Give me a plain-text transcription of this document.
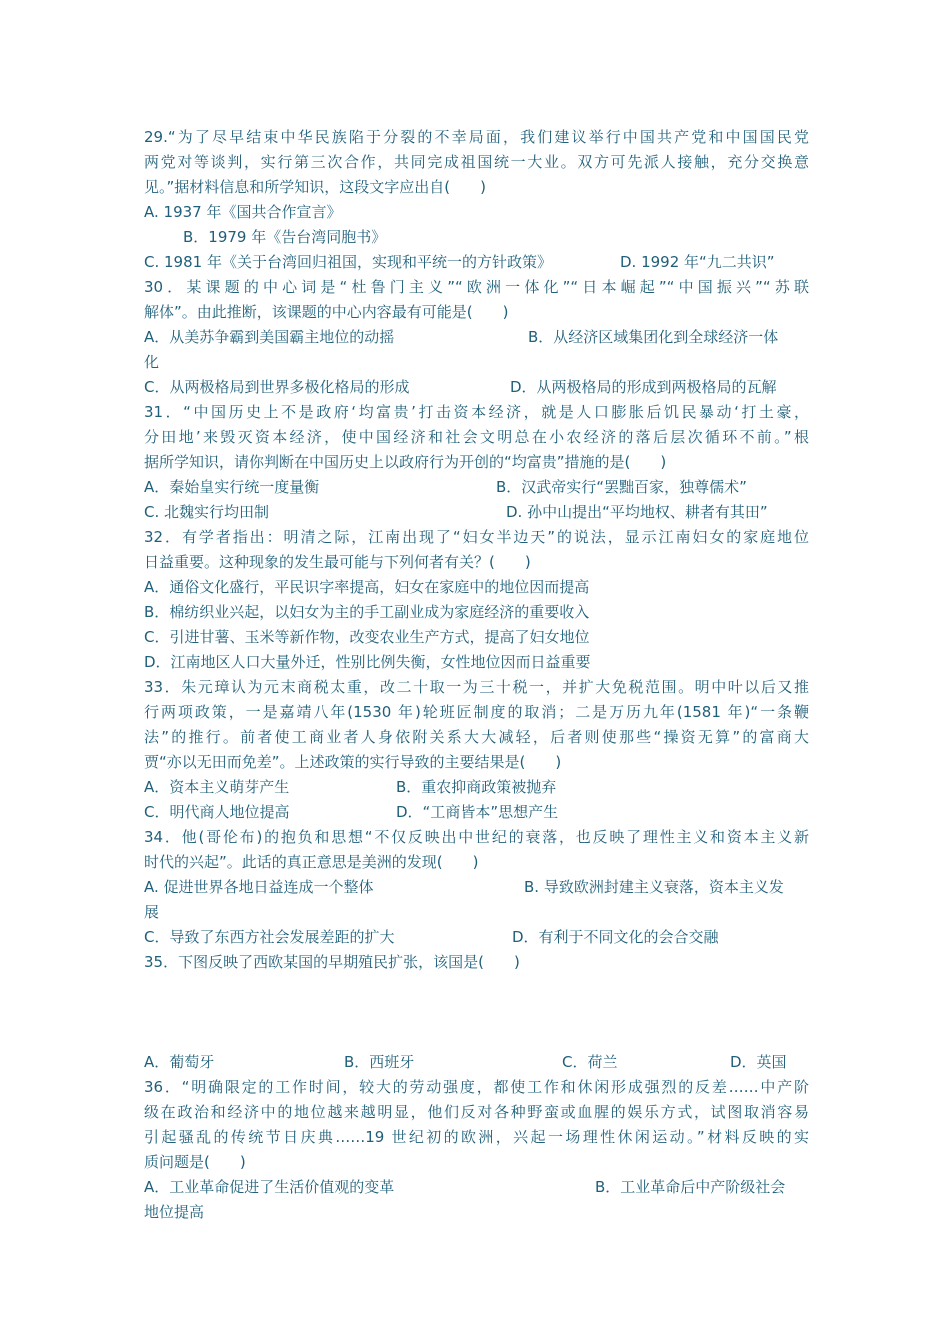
29.“为了尽早结束中华民族陷于分裂的不幸局面，我们建议举行中国共产党和中国国民党
两党对等谈判，实行第三次合作，共同完成祖国统一大业。双方可先派人接触，充分交换意
见。”据材料信息和所学知识，这段文字应出自(　　)
A. 1937 年《国共合作宣言》
B．1979 年《告台湾同胞书》
C. 1981 年《关于台湾回归祖国，实现和平统一的方针政策》	D. 1992 年“九二共识”
30．某课题的中心词是“杜鲁门主义”“欧洲一体化”“日本崛起”“中国振兴”“苏联
解体”。由此推断，该课题的中心内容最有可能是(　　)
A．从美苏争霸到美国霸主地位的动摇	B．从经济区域集团化到全球经济一体
化
C．从两极格局到世界多极化格局的形成	D．从两极格局的形成到两极格局的瓦解
31．“中国历史上不是政府‘均富贵’打击资本经济，就是人口膨胀后饥民暴动‘打土豪，
分田地’来毁灭资本经济，使中国经济和社会文明总在小农经济的落后层次循环不前。”根
据所学知识，请你判断在中国历史上以政府行为开创的“均富贵”措施的是(　　)
A．秦始皇实行统一度量衡	B．汉武帝实行“罢黜百家，独尊儒术”
C. 北魏实行均田制	D. 孙中山提出“平均地权、耕者有其田”
32．有学者指出：明清之际，江南出现了“妇女半边天”的说法，显示江南妇女的家庭地位
日益重要。这种现象的发生最可能与下列何者有关？(　　)
A．通俗文化盛行，平民识字率提高，妇女在家庭中的地位因而提高
B．棉纺织业兴起，以妇女为主的手工副业成为家庭经济的重要收入
C．引进甘薯、玉米等新作物，改变农业生产方式，提高了妇女地位
D．江南地区人口大量外迁，性别比例失衡，女性地位因而日益重要
33．朱元璋认为元末商税太重，改二十取一为三十税一，并扩大免税范围。明中叶以后又推
行两项政策，一是嘉靖八年(1530 年)轮班匠制度的取消；二是万历九年(1581 年)“一条鞭
法”的推行。前者使工商业者人身依附关系大大减轻，后者则使那些“操资无算”的富商大
贾“亦以无田而免差”。上述政策的实行导致的主要结果是(　　)
A．资本主义萌芽产生	B．重农抑商政策被抛弃
C．明代商人地位提高	D．“工商皆本”思想产生
34．他(哥伦布)的抱负和思想“不仅反映出中世纪的衰落，也反映了理性主义和资本主义新
时代的兴起”。此话的真正意思是美洲的发现(　　)
A. 促进世界各地日益连成一个整体	B. 导致欧洲封建主义衰落，资本主义发
展
C．导致了东西方社会发展差距的扩大	D．有利于不同文化的会合交融
35．下图反映了西欧某国的早期殖民扩张，该国是(　　)
A．葡萄牙	B．西班牙	C．荷兰	D．英国
36．“明确限定的工作时间，较大的劳动强度，都使工作和休闲形成强烈的反差……中产阶
级在政治和经济中的地位越来越明显，他们反对各种野蛮或血腥的娱乐方式，试图取消容易
引起骚乱的传统节日庆典……19 世纪初的欧洲，兴起一场理性休闲运动。”材料反映的实
质问题是(　　)
A．工业革命促进了生活价值观的变革	B．工业革命后中产阶级社会
地位提高
